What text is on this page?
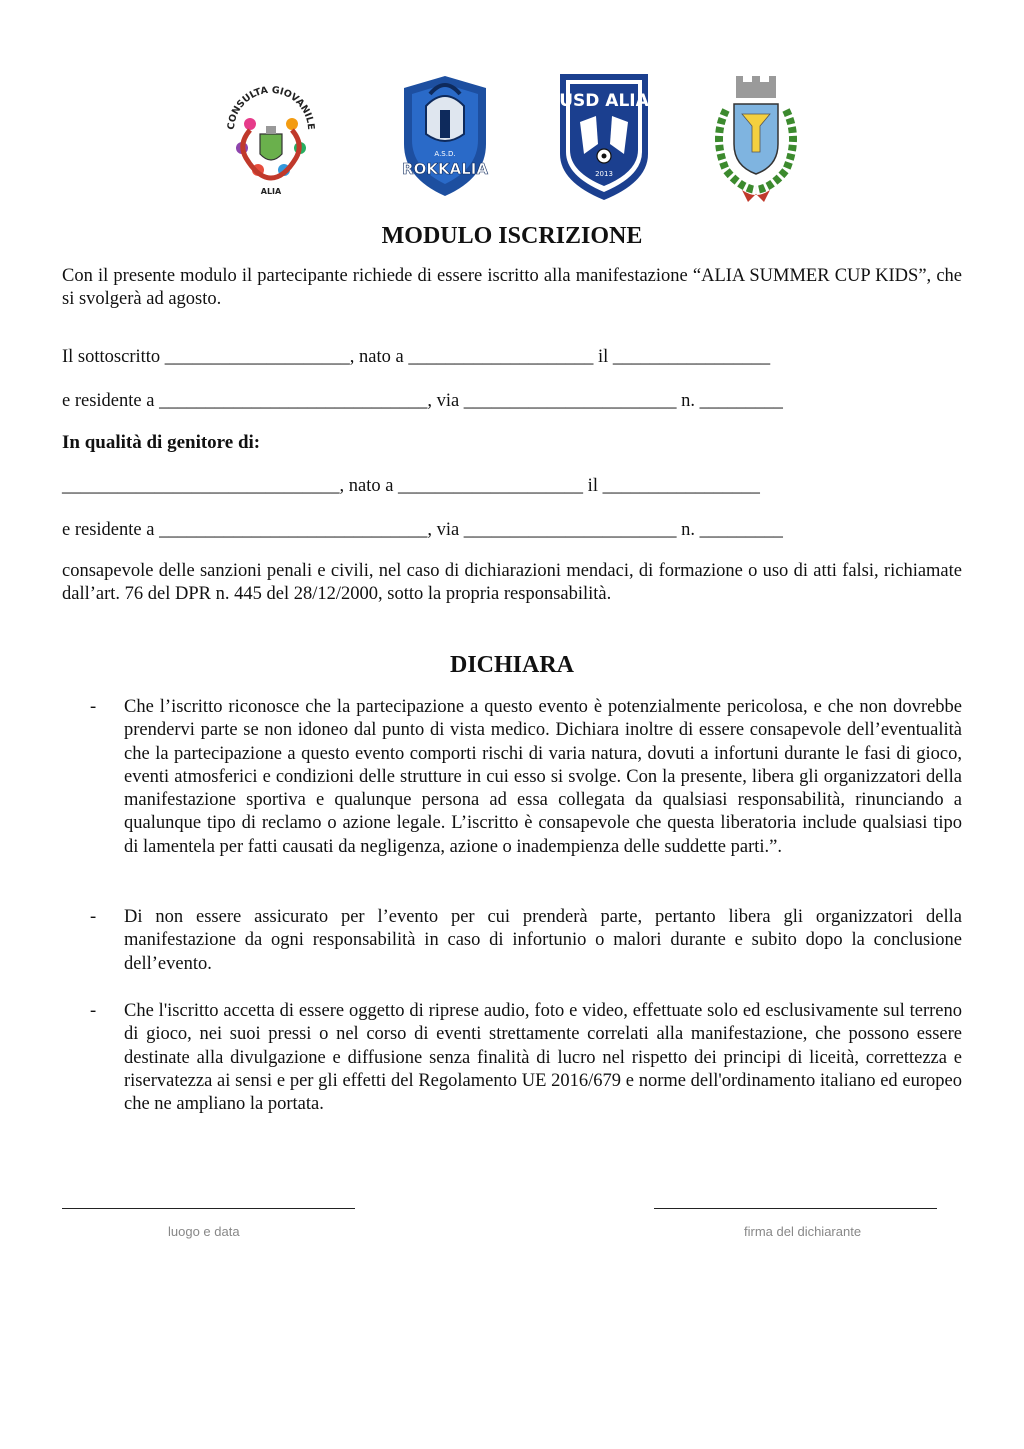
CONSULTA GIOVANILE
ALIA
A.S.D.
ROKKALIA
USD ALIA
2013
MODULO ISCRIZIONE

Con il presente modulo il partecipante richiede di essere iscritto alla manifestazione “ALIA SUMMER CUP KIDS”, che si svolgerà ad agosto.

Il sottoscritto ____________________, nato a ____________________ il _________________

e residente a _____________________________, via _______________________ n. _________

In qualità di genitore di:

______________________________, nato a ____________________ il _________________

e residente a _____________________________, via _______________________ n. _________

consapevole delle sanzioni penali e civili, nel caso di dichiarazioni mendaci, di formazione o uso di atti falsi, richiamate dall’art. 76 del DPR n. 445 del 28/12/2000, sotto la propria responsabilità.

DICHIARA
- Che l’iscritto riconosce che la partecipazione a questo evento è potenzialmente pericolosa, e che non dovrebbe prendervi parte se non idoneo dal punto di vista medico. Dichiara inoltre di essere consapevole dell’eventualità che la partecipazione a questo evento comporti rischi di varia natura, dovuti a infortuni durante le fasi di gioco, eventi atmosferici e condizioni delle strutture in cui esso si svolge. Con la presente, libera gli organizzatori della manifestazione sportiva e qualunque persona ad essa collegata da qualsiasi responsabilità, rinunciando a qualunque tipo di reclamo o azione legale. L’iscritto è consapevole che questa liberatoria include qualsiasi tipo di lamentela per fatti causati da negligenza, azione o inadempienza delle suddette parti.”.
- Di non essere assicurato per l’evento per cui prenderà parte, pertanto libera gli organizzatori della manifestazione da ogni responsabilità in caso di infortunio o malori durante e subito dopo la conclusione dell’evento.
- Che l'iscritto accetta di essere oggetto di riprese audio, foto e video, effettuate solo ed esclusivamente sul terreno di gioco, nei suoi pressi o nel corso di eventi strettamente correlati alla manifestazione, che possono essere destinate alla divulgazione e diffusione senza finalità di lucro nel rispetto dei principi di liceità, correttezza e riservatezza ai sensi e per gli effetti del Regolamento UE 2016/679 e norme dell'ordinamento italiano ed europeo che ne ampliano la portata.
luogo e data	firma del dichiarante
